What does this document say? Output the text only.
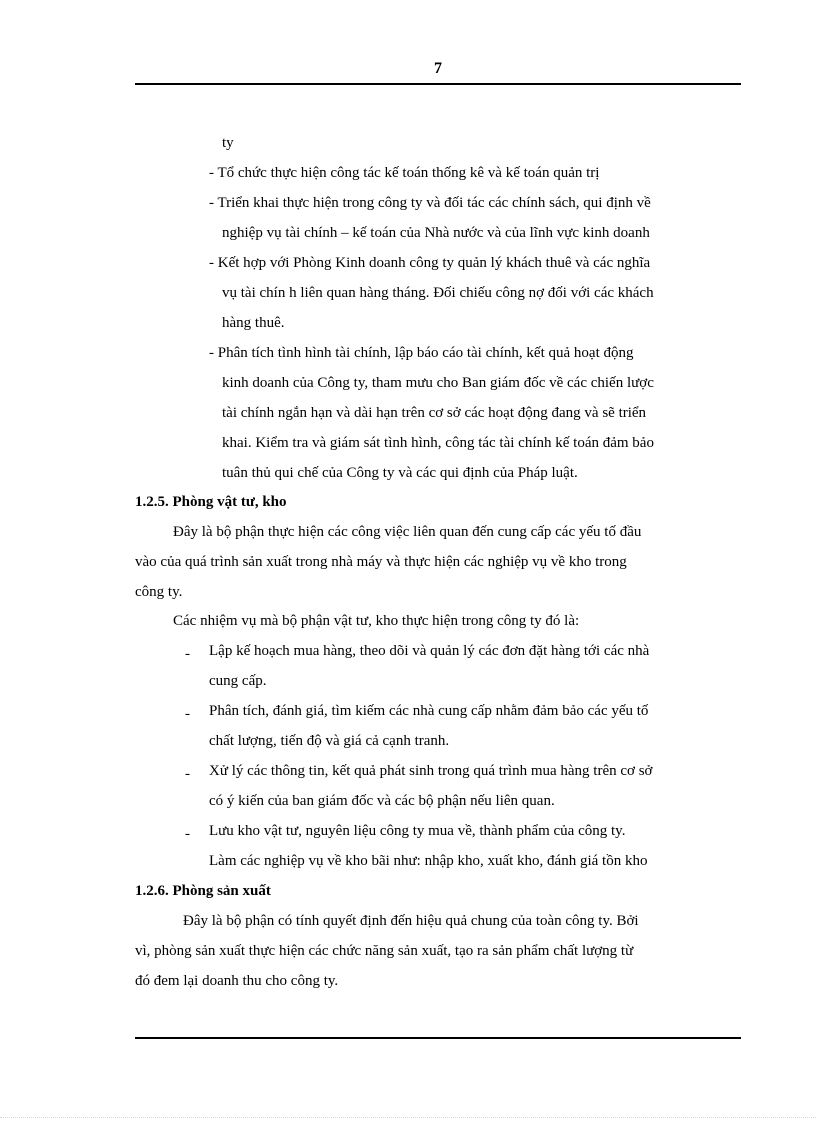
7
ty
- Tổ chức thực hiện công tác kế toán thống kê và kế toán quản trị
- Triển khai thực hiện trong công ty và đối tác các chính sách, qui định về
nghiệp vụ tài chính – kế toán của Nhà nước và của lĩnh vực kinh doanh
- Kết hợp với Phòng Kinh doanh công ty quản lý khách thuê và các nghĩa
vụ tài chín h liên quan hàng tháng. Đối chiếu công nợ đối với các khách
hàng thuê.
- Phân tích tình hình tài chính, lập báo cáo tài chính, kết quả hoạt động
kinh doanh của Công ty, tham mưu cho Ban giám đốc về các chiến lược
tài chính ngắn hạn và dài hạn trên cơ sở các hoạt động đang và sẽ triển
khai. Kiểm tra và giám sát tình hình, công tác tài chính kế toán đảm bảo
tuân thủ qui chế của Công ty và các qui định của Pháp luật.
1.2.5. Phòng vật tư, kho
Đây là bộ phận thực hiện các công việc liên quan đến cung cấp các yếu tố đầu
vào của quá trình sản xuất trong nhà máy và thực hiện các nghiệp vụ về kho trong
công ty.
Các nhiệm vụ mà bộ phận vật tư, kho thực hiện trong công ty đó là:
- Lập kế hoạch mua hàng, theo dõi và quản lý các đơn đặt hàng tới các nhà
cung cấp.
- Phân tích, đánh giá, tìm kiếm các nhà cung cấp nhằm đảm bảo các yếu tố
chất lượng, tiến độ và giá cả cạnh tranh.
- Xử lý các thông tin, kết quả phát sinh trong quá trình mua hàng trên cơ sở
có ý kiến của ban giám đốc và các bộ phận nếu liên quan.
- Lưu kho vật tư, nguyên liệu công ty mua về, thành phẩm của công ty.
Làm các nghiệp vụ về kho bãi như: nhập kho, xuất kho, đánh giá tồn kho
1.2.6. Phòng sản xuất
Đây là bộ phận có tính quyết định đến hiệu quả chung của toàn công ty. Bởi
vì, phòng sản xuất thực hiện các chức năng sản xuất, tạo ra sản phẩm chất lượng từ
đó đem lại doanh thu cho công ty.
